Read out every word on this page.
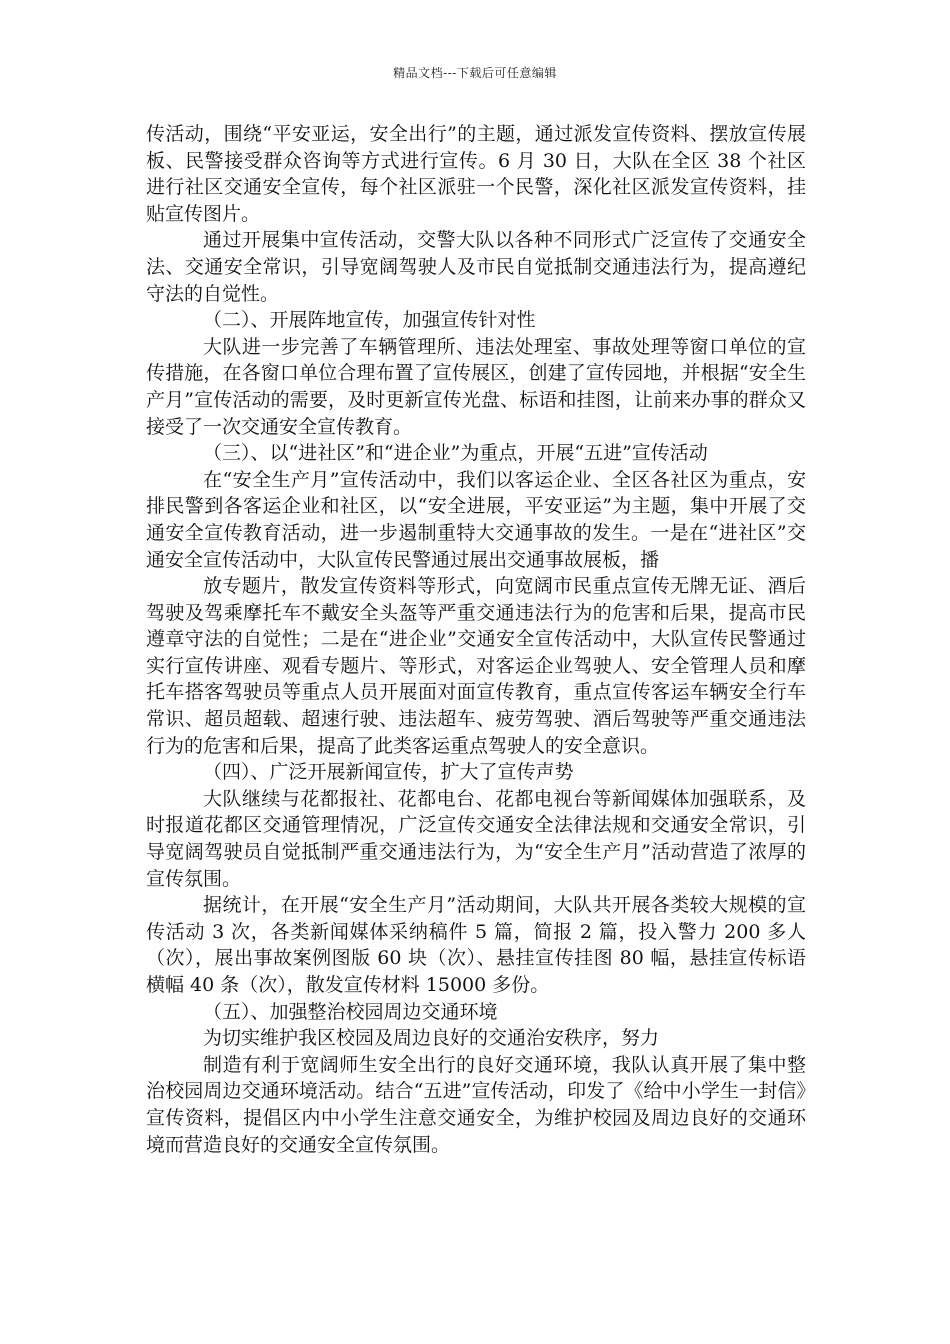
精品文档---下载后可任意编辑

传活动，围绕“平安亚运，安全出行”的主题，通过派发宣传资料、摆放宣传展板、民警接受群众咨询等方式进行宣传。6 月 30 日，大队在全区 38 个社区进行社区交通安全宣传，每个社区派驻一个民警，深化社区派发宣传资料，挂贴宣传图片。

通过开展集中宣传活动，交警大队以各种不同形式广泛宣传了交通安全法、交通安全常识，引导宽阔驾驶人及市民自觉抵制交通违法行为，提高遵纪守法的自觉性。

（二）、开展阵地宣传，加强宣传针对性

大队进一步完善了车辆管理所、违法处理室、事故处理等窗口单位的宣传措施，在各窗口单位合理布置了宣传展区，创建了宣传园地，并根据“安全生产月”宣传活动的需要，及时更新宣传光盘、标语和挂图，让前来办事的群众又接受了一次交通安全宣传教育。

（三）、以“进社区”和“进企业”为重点，开展“五进”宣传活动

在“安全生产月”宣传活动中，我们以客运企业、全区各社区为重点，安排民警到各客运企业和社区，以“安全进展，平安亚运”为主题，集中开展了交通安全宣传教育活动，进一步遏制重特大交通事故的发生。一是在“进社区”交通安全宣传活动中，大队宣传民警通过展出交通事故展板，播

放专题片，散发宣传资料等形式，向宽阔市民重点宣传无牌无证、酒后驾驶及驾乘摩托车不戴安全头盔等严重交通违法行为的危害和后果，提高市民遵章守法的自觉性；二是在“进企业”交通安全宣传活动中，大队宣传民警通过实行宣传讲座、观看专题片、等形式，对客运企业驾驶人、安全管理人员和摩托车搭客驾驶员等重点人员开展面对面宣传教育，重点宣传客运车辆安全行车常识、超员超载、超速行驶、违法超车、疲劳驾驶、酒后驾驶等严重交通违法行为的危害和后果，提高了此类客运重点驾驶人的安全意识。

（四）、广泛开展新闻宣传，扩大了宣传声势

大队继续与花都报社、花都电台、花都电视台等新闻媒体加强联系，及时报道花都区交通管理情况，广泛宣传交通安全法律法规和交通安全常识，引导宽阔驾驶员自觉抵制严重交通违法行为，为“安全生产月”活动营造了浓厚的宣传氛围。

据统计，在开展“安全生产月”活动期间，大队共开展各类较大规模的宣传活动 3 次，各类新闻媒体采纳稿件 5 篇，简报 2 篇，投入警力 200 多人（次），展出事故案例图版 60 块（次）、悬挂宣传挂图 80 幅，悬挂宣传标语横幅 40 条（次），散发宣传材料 15000 多份。

（五）、加强整治校园周边交通环境

为切实维护我区校园及周边良好的交通治安秩序，努力

制造有利于宽阔师生安全出行的良好交通环境，我队认真开展了集中整治校园周边交通环境活动。结合“五进”宣传活动，印发了《给中小学生一封信》宣传资料，提倡区内中小学生注意交通安全，为维护校园及周边良好的交通环境而营造良好的交通安全宣传氛围。
